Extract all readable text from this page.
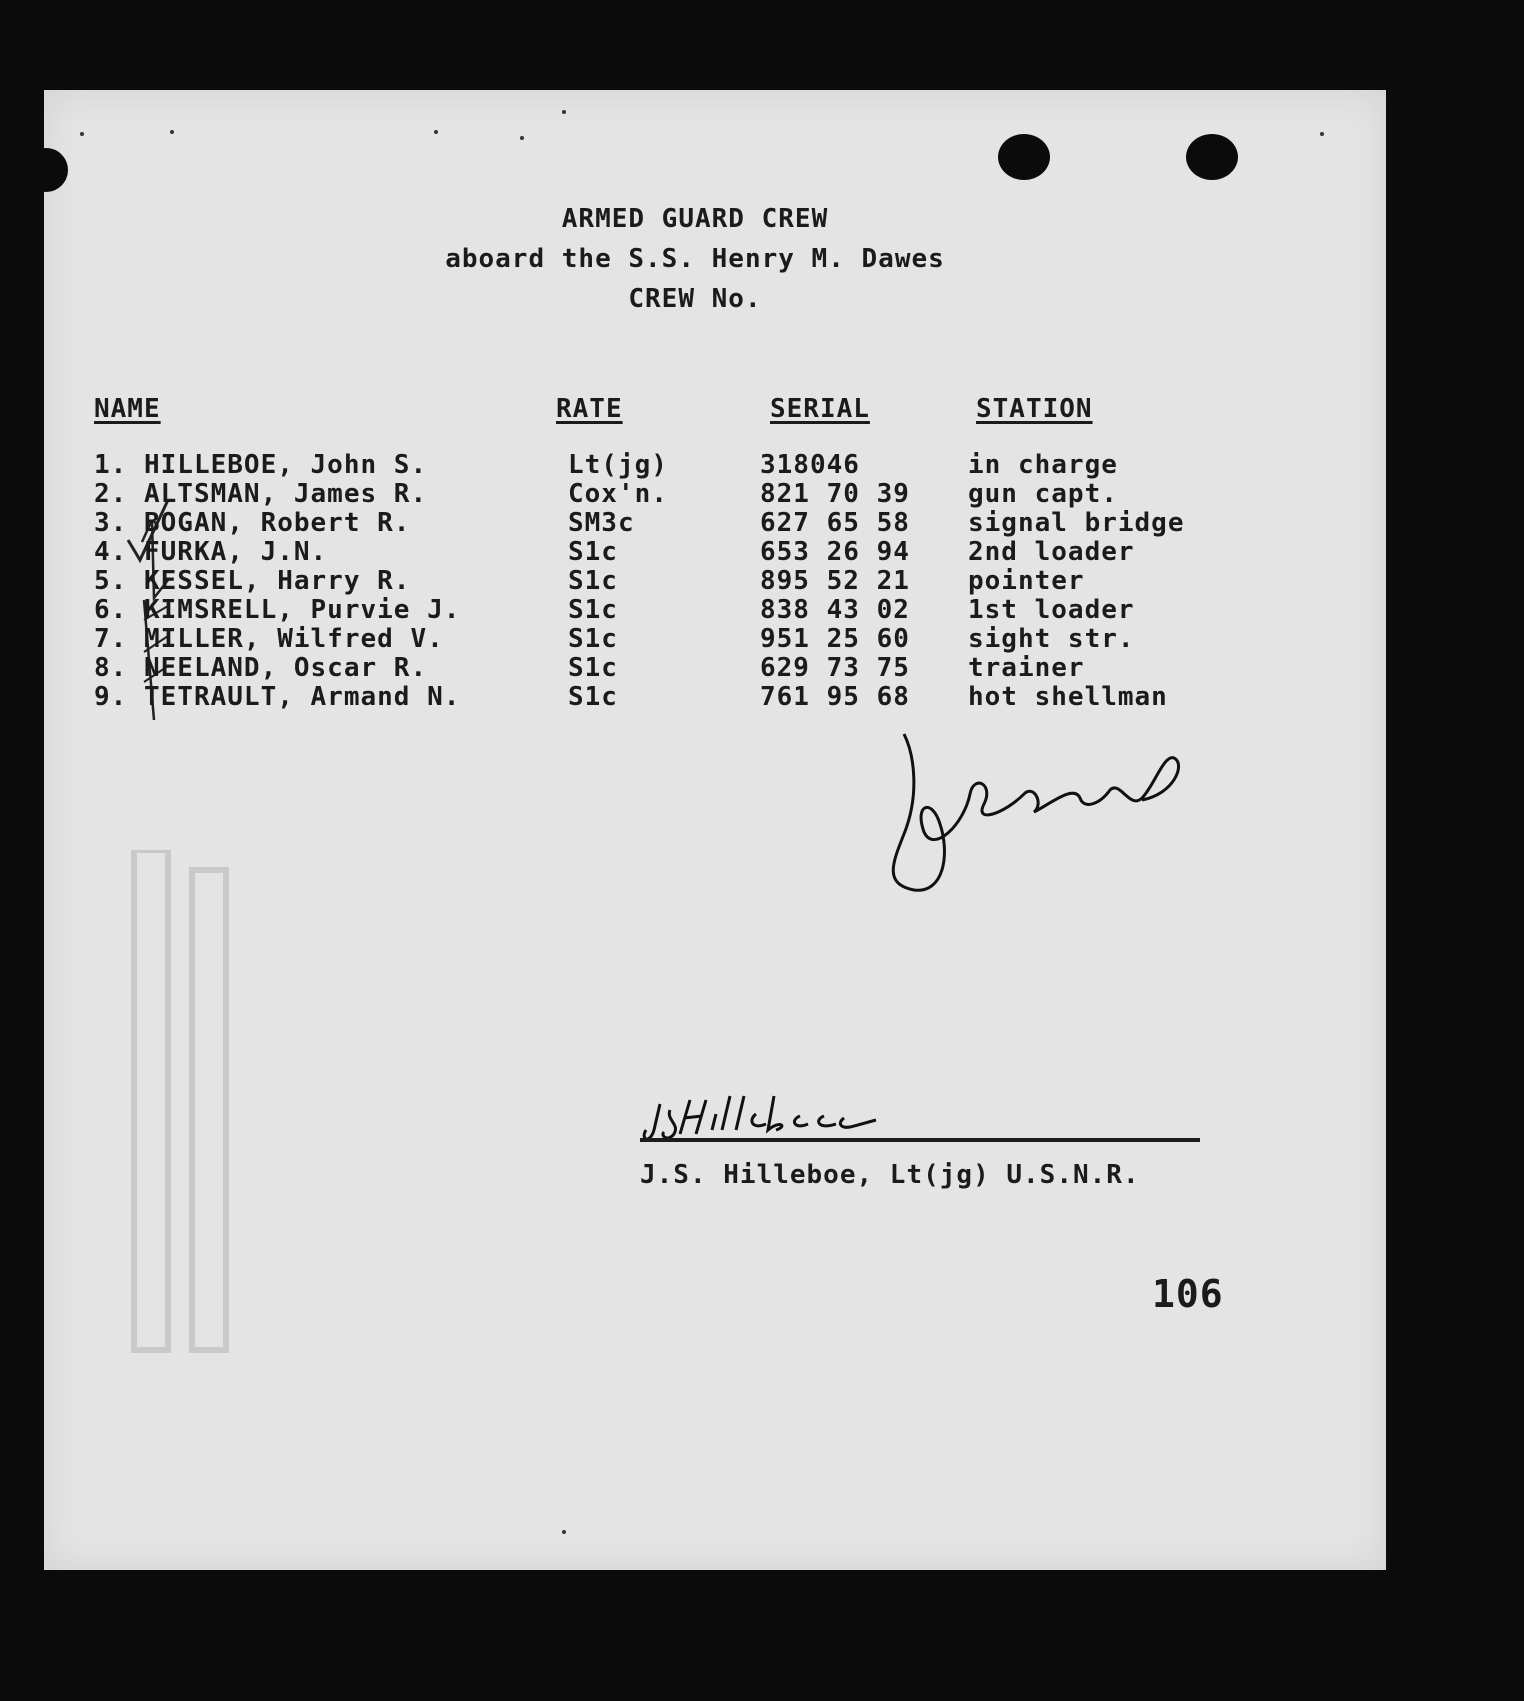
ARMED GUARD CREW
aboard the S.S. Henry M. Dawes
CREW No.
NAME	RATE	SERIAL	STATION
1. HILLEBOE, John S.	Lt(jg)	318046	in charge
2. ALTSMAN, James R.	Cox'n.	821 70 39 gun capt.
3. BOGAN, Robert R.	SM3c	627 65 58 signal bridge
4. FURKA, J.N.	S1c	653 26 94 2nd loader
5. KESSEL, Harry R.	S1c	895 52 21 pointer
6. KIMSRELL, Purvie J.	S1c	838 43 02 1st loader
7. MILLER, Wilfred V.	S1c	951 25 60 sight str.
8. NEELAND, Oscar R.	S1c	629 73 75 trainer
9. TETRAULT, Armand N.	S1c	761 95 68 hot shellman
J.S. Hilleboe, Lt(jg) U.S.N.R.
106
